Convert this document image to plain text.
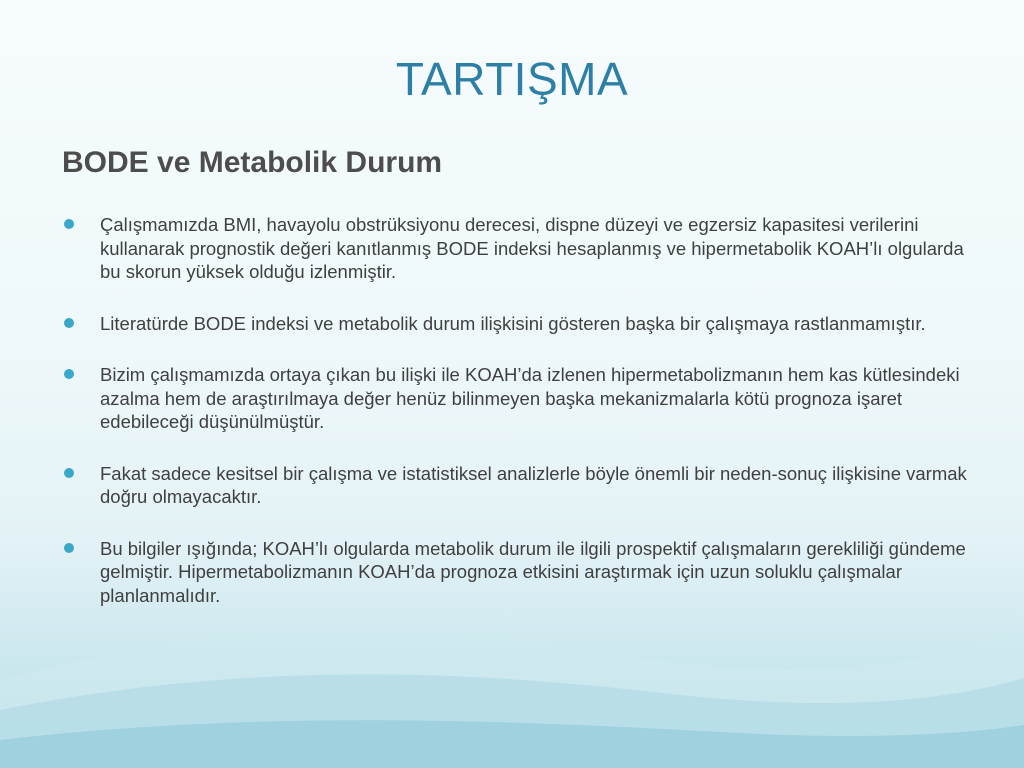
TARTIŞMA
BODE ve Metabolik Durum
Çalışmamızda BMI, havayolu obstrüksiyonu derecesi, dispne düzeyi ve egzersiz kapasitesi verilerini kullanarak prognostik değeri kanıtlanmış BODE indeksi hesaplanmış ve hipermetabolik KOAH’lı olgularda bu skorun yüksek olduğu izlenmiştir.
Literatürde BODE indeksi ve metabolik durum ilişkisini gösteren başka bir çalışmaya rastlanmamıştır.
Bizim çalışmamızda ortaya çıkan bu ilişki ile KOAH’da izlenen hipermetabolizmanın hem kas kütlesindeki azalma hem de araştırılmaya değer henüz bilinmeyen başka mekanizmalarla kötü prognoza işaret edebileceği düşünülmüştür.
Fakat sadece kesitsel bir çalışma ve istatistiksel analizlerle böyle önemli bir neden-sonuç ilişkisine varmak doğru olmayacaktır.
Bu bilgiler ışığında; KOAH’lı olgularda metabolik durum ile ilgili prospektif çalışmaların gerekliliği gündeme gelmiştir. Hipermetabolizmanın KOAH’da prognoza etkisini araştırmak için uzun soluklu çalışmalar planlanmalıdır.
